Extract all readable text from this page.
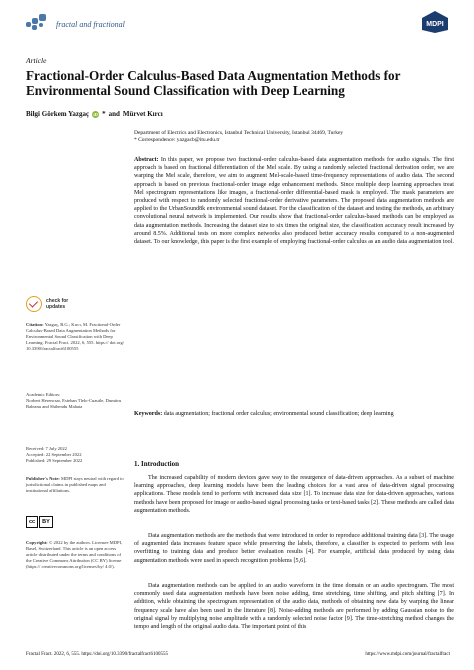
fractal and fractional	MDPI
Article
Fractional-Order Calculus-Based Data Augmentation Methods for Environmental Sound Classification with Deep Learning
Bilgi Görkem Yazgaç iD * and Mürvet Kırcı
Department of Electrics and Electronics, Istanbul Technical University, Istanbul 34469, Turkey
* Correspondence: yazgacb@itu.edu.tr
Abstract: In this paper, we propose two fractional-order calculus-based data augmentation methods for audio signals. The first approach is based on fractional differentiation of the Mel scale. By using a randomly selected fractional derivation order, we are warping the Mel scale, therefore, we aim to augment Mel-scale-based time-frequency representations of audio data. The second approach is based on previous fractional-order image edge enhancement methods. Since multiple deep learning approaches treat Mel spectrogram representations like images, a fractional-order differential-based mask is employed. The mask parameters are produced with respect to randomly selected fractional-order derivative parameters. The proposed data augmentation methods are applied to the UrbanSound8k environmental sound dataset. For the classification of the dataset and testing the methods, an arbitrary convolutional neural network is implemented. Our results show that fractional-order calculus-based methods can be employed as data augmentation methods. Increasing the dataset size to six times the original size, the classification accuracy result increased by around 8.5%. Additional tests on more complex networks also produced better accuracy results compared to a non-augmented dataset. To our knowledge, this paper is the first example of employing fractional-order calculus as an audio data augmentation tool.
Keywords: data augmentation; fractional order calculus; environmental sound classification; deep learning
check for updates
Citation: Yazgaç, B.G.; Kırcı, M. Fractional-Order Calculus-Based Data Augmentation Methods for Environmental Sound Classification with Deep Learning. Fractal Fract. 2022, 6, 555. https:// doi.org/ 10.3390/fractalfract6100555
Academic Editors:
Norbert Herencsar, Esteban Tlelo-Cuautle, Dumitru Baleanu and Shibendu Mahata
Received: 7 July 2022
Accepted: 22 September 2022
Published: 29 September 2022
Publisher's Note: MDPI stays neutral with regard to jurisdictional claims in published maps and institutional affiliations.
cc	BY
Copyright: © 2022 by the authors. Licensee MDPI, Basel, Switzerland. This article is an open access article distributed under the terms and conditions of the Creative Commons Attribution (CC BY) license (https:// creativecommons.org/licenses/by/ 4.0/).
1. Introduction
The increased capability of modern devices gave way to the resurgence of data-driven approaches. As a subset of machine learning approaches, deep learning models have been the leading choices for a vast area of data-driven signal processing applications. These models tend to perform with increased data size [1]. To increase data size for data-driven approaches, various methods have been proposed for image or audio-based signal processing tasks or text-based tasks [2]. These methods are called data augmentation methods.
Data augmentation methods are the methods that were introduced in order to reproduce additional training data [3]. The usage of augmented data increases feature space while preserving the labels, therefore, a classifier is expected to perform with less overfitting to training data and produce better evaluation results [4]. For example, artificial data produced by using data augmentation methods were used in speech recognition problems [5,6].
Data augmentation methods can be applied to an audio waveform in the time domain or an audio spectrogram. The most commonly used data augmentation methods have been noise adding, time stretching, time shifting, and pitch shifting [7]. In addition, while obtaining the spectrogram representation of the audio data, methods of obtaining new data by warping the linear frequency scale have also been used in the literature [8]. Noise-adding methods are performed by adding Gaussian noise to the original signal by multiplying noise amplitude with a randomly selected noise factor [9]. The time-stretching method changes the tempo and length of the original audio data. The important point of this
Fractal Fract. 2022, 6, 555. https://doi.org/10.3390/fractalfract6100555	https://www.mdpi.com/journal/fractalfract
